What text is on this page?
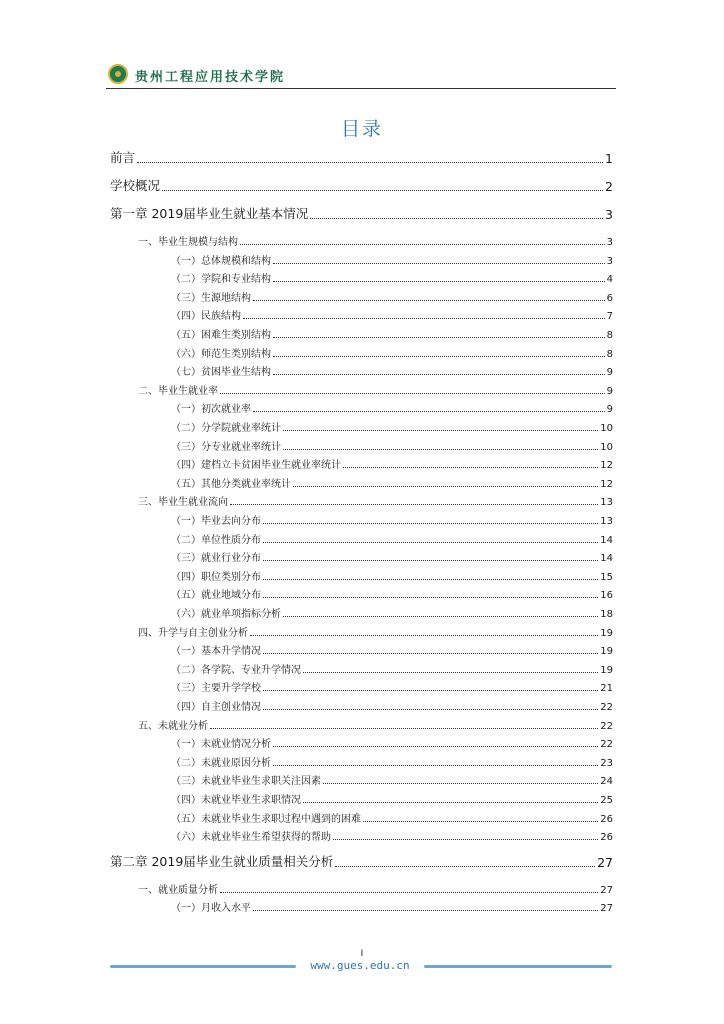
贵州工程应用技术学院
目录
前言	1
学校概况	2
第一章 2019届毕业生就业基本情况	3
一、毕业生规模与结构	3
（一）总体规模和结构	3
（二）学院和专业结构	4
（三）生源地结构	6
（四）民族结构	7
（五）困难生类别结构	8
（六）师范生类别结构	8
（七）贫困毕业生结构	9
二、毕业生就业率	9
（一）初次就业率	9
（二）分学院就业率统计	10
（三）分专业就业率统计	10
（四）建档立卡贫困毕业生就业率统计	12
（五）其他分类就业率统计	12
三、毕业生就业流向	13
（一）毕业去向分布	13
（二）单位性质分布	14
（三）就业行业分布	14
（四）职位类别分布	15
（五）就业地域分布	16
（六）就业单项指标分析	18
四、升学与自主创业分析	19
（一）基本升学情况	19
（二）各学院、专业升学情况	19
（三）主要升学学校	21
（四）自主创业情况	22
五、未就业分析	22
（一）未就业情况分析	22
（二）未就业原因分析	23
（三）未就业毕业生求职关注因素	24
（四）未就业毕业生求职情况	25
（五）未就业毕业生求职过程中遇到的困难	26
（六）未就业毕业生希望获得的帮助	26
第二章 2019届毕业生就业质量相关分析	27
一、就业质量分析	27
（一）月收入水平	27
I
www.gues.edu.cn
